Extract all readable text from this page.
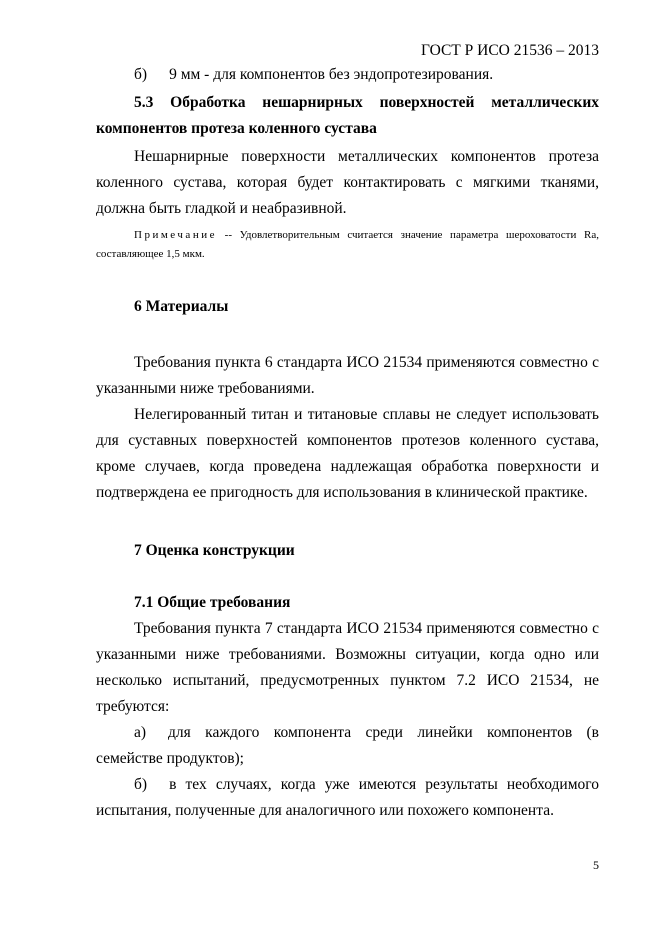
ГОСТ Р ИСО 21536 – 2013

б) 9 мм - для компонентов без эндопротезирования.

5.3 Обработка нешарнирных поверхностей металлических

компонентов протеза коленного сустава

Нешарнирные поверхности металлических компонентов протеза коленного сустава, которая будет контактировать с мягкими тканями, должна быть гладкой и неабразивной.

Примечание -- Удовлетворительным считается значение параметра шероховатости Ra, составляющее 1,5 мкм.

6 Материалы

Требования пункта 6 стандарта ИСО 21534 применяются совместно с указанными ниже требованиями.

Нелегированный титан и титановые сплавы не следует использовать для суставных поверхностей компонентов протезов коленного сустава, кроме случаев, когда проведена надлежащая обработка поверхности и подтверждена ее пригодность для использования в клинической практике.

7 Оценка конструкции

7.1 Общие требования

Требования пункта 7 стандарта ИСО 21534 применяются совместно с указанными ниже требованиями. Возможны ситуации, когда одно или несколько испытаний, предусмотренных пунктом 7.2 ИСО 21534, не требуются:

а) для каждого компонента среди линейки компонентов (в семействе продуктов);

б) в тех случаях, когда уже имеются результаты необходимого испытания, полученные для аналогичного или похожего компонента.

5
